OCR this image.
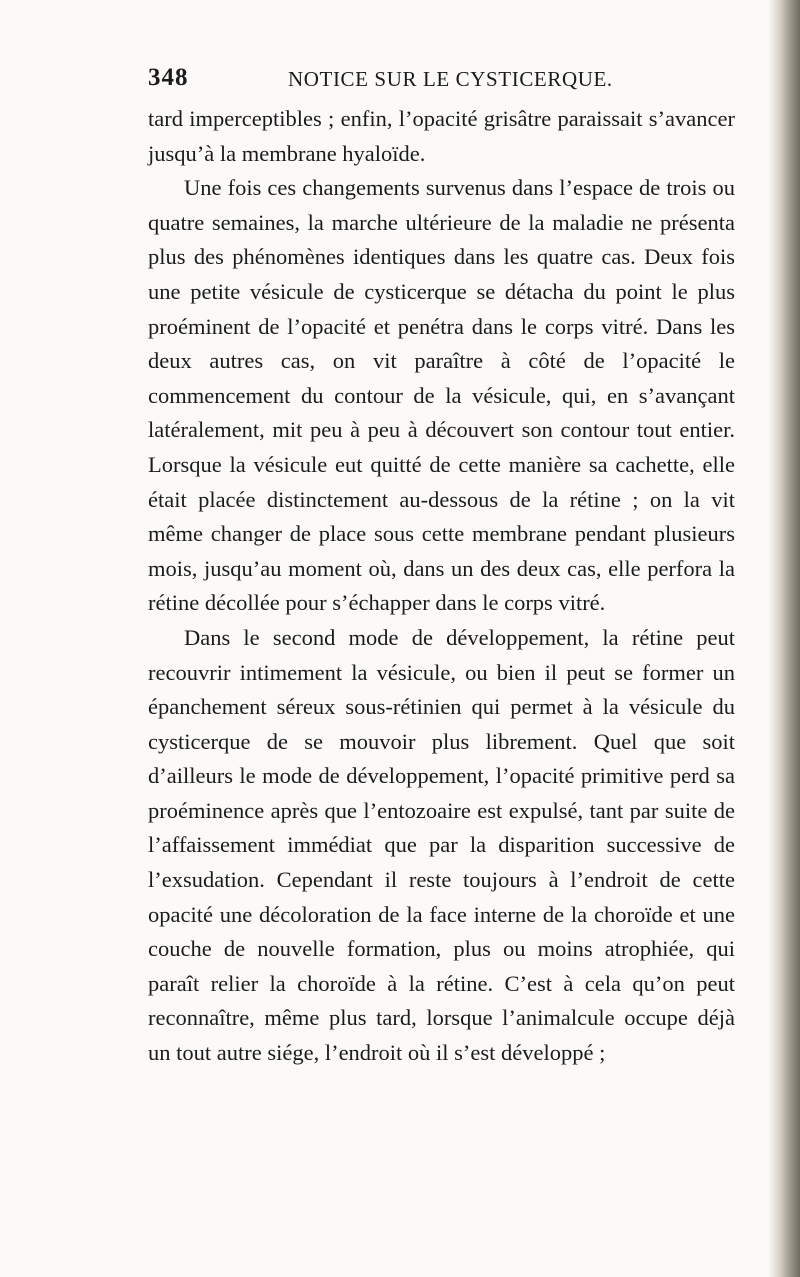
348	NOTICE SUR LE CYSTICERQUE.

tard imperceptibles ; enfin, l’opacité grisâtre paraissait s’avancer jusqu’à la membrane hyaloïde.

Une fois ces changements survenus dans l’espace de trois ou quatre semaines, la marche ultérieure de la maladie ne présenta plus des phénomènes identiques dans les quatre cas. Deux fois une petite vésicule de cysticerque se détacha du point le plus proéminent de l’opacité et penétra dans le corps vitré. Dans les deux autres cas, on vit paraître à côté de l’opacité le commencement du contour de la vésicule, qui, en s’avançant latéralement, mit peu à peu à découvert son contour tout entier. Lorsque la vésicule eut quitté de cette manière sa cachette, elle était placée distinctement au-dessous de la rétine ; on la vit même changer de place sous cette membrane pendant plusieurs mois, jusqu’au moment où, dans un des deux cas, elle perfora la rétine décollée pour s’échapper dans le corps vitré.

Dans le second mode de développement, la rétine peut recouvrir intimement la vésicule, ou bien il peut se former un épanchement séreux sous-rétinien qui permet à la vésicule du cysticerque de se mouvoir plus librement. Quel que soit d’ailleurs le mode de développement, l’opacité primitive perd sa proéminence après que l’entozoaire est expulsé, tant par suite de l’affaissement immédiat que par la disparition successive de l’exsudation. Cependant il reste toujours à l’endroit de cette opacité une décoloration de la face interne de la choroïde et une couche de nouvelle formation, plus ou moins atrophiée, qui paraît relier la choroïde à la rétine. C’est à cela qu’on peut reconnaître, même plus tard, lorsque l’animalcule occupe déjà un tout autre siége, l’endroit où il s’est développé ;
